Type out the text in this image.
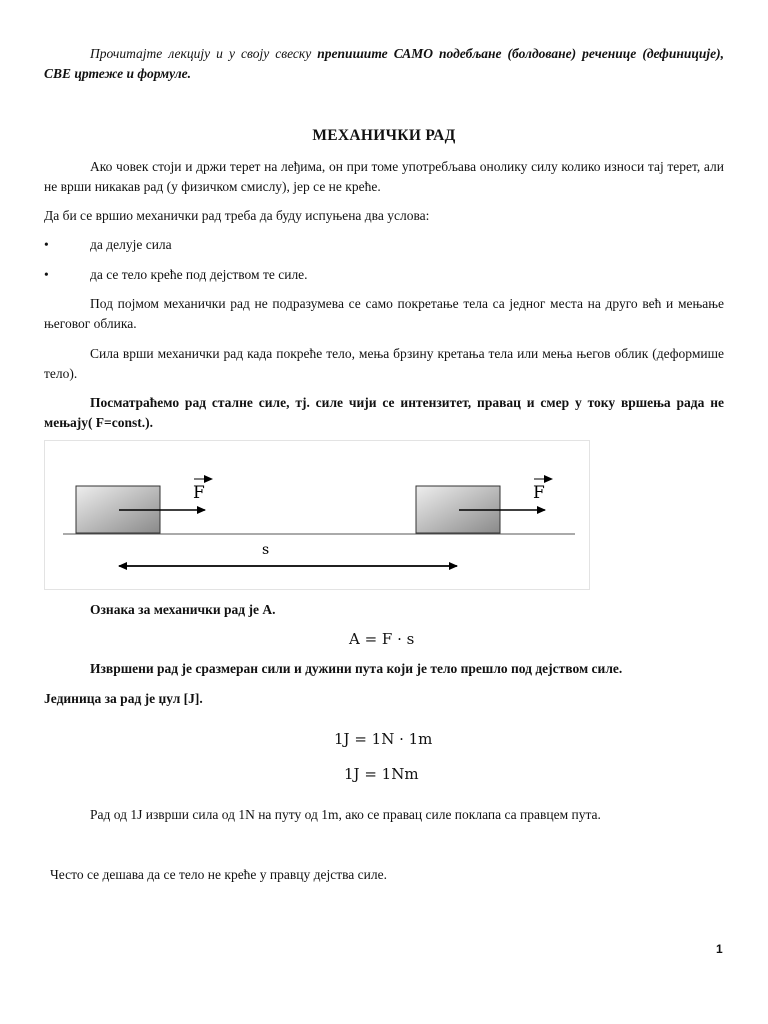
Прочитајте лекцију и у своју свеску препишите САМО подебљане (болдоване) реченице (дефиниције), СВЕ цртеже и формуле.
МЕХАНИЧКИ РАД
Ако човек стоји и држи терет на леђима, он при томе употребљава онолику силу колико износи тај терет, али не врши никакав рад (у физичком смислу), јер се не креће.
Да би се вршио механички рад треба да буду испуњена два услова:
•	да делује сила
•	да се тело креће под дејством те силе.
Под појмом механички рад не подразумева се само покретање тела са једног места на друго већ и мењање његовог облика.
Сила врши механички рад када покреће тело, мења брзину кретања тела или мења његов облик (деформише тело).
Посматраћемо рад сталне силе, тј. силе чији се интензитет, правац и смер у току вршења рада не мењају( F=const.).
F	F
s
Ознака за механички рад је А.
A = F · s
Извршени рад је сразмеран сили и дужини пута који је тело прешло под дејством силе.
Јединица за рад је џул [Ј].
1J = 1N · 1m
1J = 1Nm
Рад од 1Ј изврши сила од 1N на путу од 1m, ако се правац силе поклапа са правцем пута.
Често се дешава да се тело не креће у правцу дејства силе.
1
